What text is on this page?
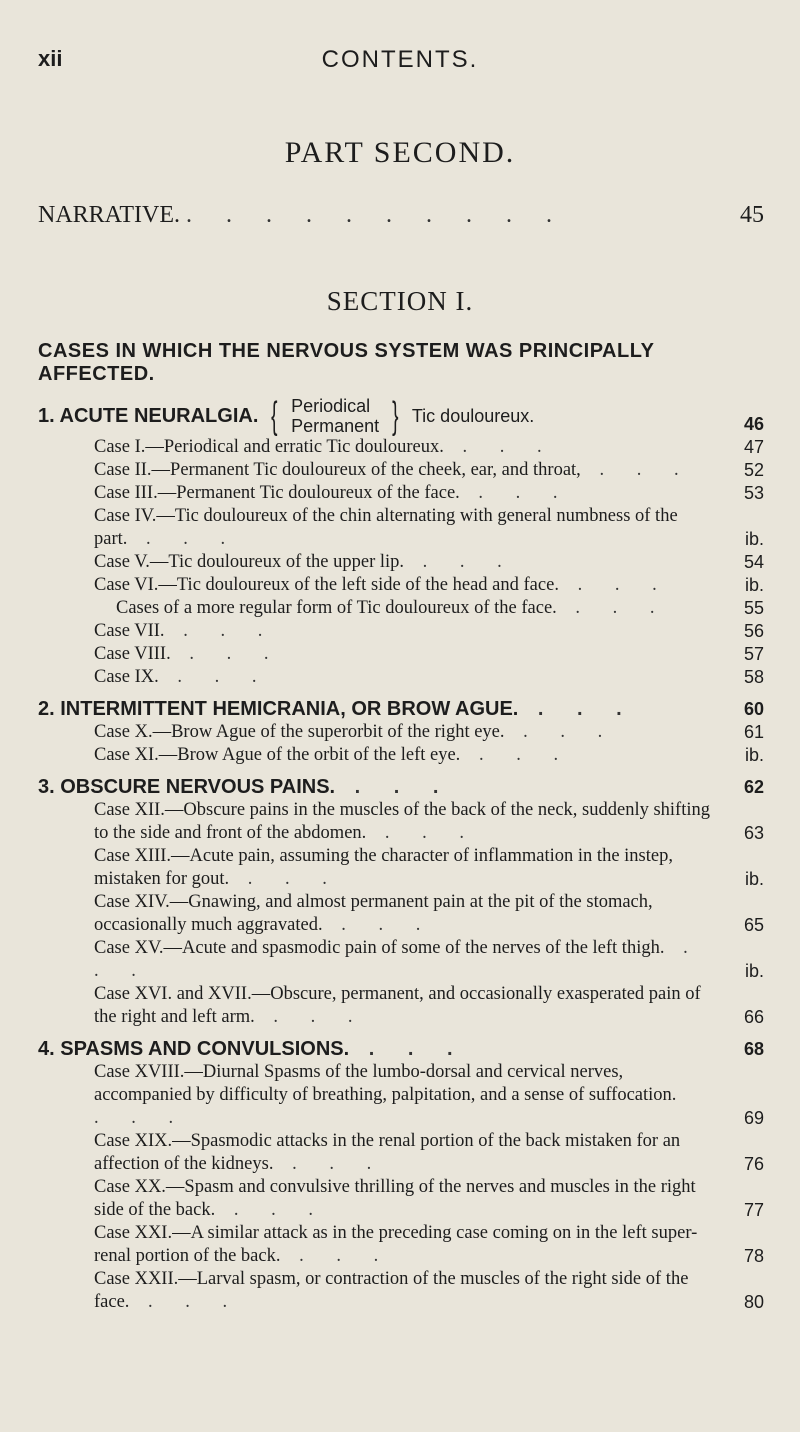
xii	CONTENTS.
PART SECOND.
NARRATIVE. . . . . . . . . . .	45
SECTION I.
CASES IN WHICH THE NERVOUS SYSTEM WAS PRINCIPALLY AFFECTED.
1. ACUTE NEURALGIA. { Periodical
Permanent } Tic douloureux.	46
Case I.—Periodical and erratic Tic douloureux. . . .	47
Case II.—Permanent Tic douloureux of the cheek, ear, and throat, . . .	52
Case III.—Permanent Tic douloureux of the face. . . .	53
Case IV.—Tic douloureux of the chin alternating with general numbness of the part. . . .	ib.
Case V.—Tic douloureux of the upper lip. . . .	54
Case VI.—Tic douloureux of the left side of the head and face. . . .	ib.
Cases of a more regular form of Tic douloureux of the face. . . .	55
Case VII. . . .	56
Case VIII. . . .	57
Case IX. . . .	58
2. INTERMITTENT HEMICRANIA, OR BROW AGUE. . . .	60
Case X.—Brow Ague of the superorbit of the right eye. . . .	61
Case XI.—Brow Ague of the orbit of the left eye. . . .	ib.
3. OBSCURE NERVOUS PAINS. . . .	62
Case XII.—Obscure pains in the muscles of the back of the neck, suddenly shifting to the side and front of the abdomen. . . .	63
Case XIII.—Acute pain, assuming the character of inflammation in the instep, mistaken for gout. . . .	ib.
Case XIV.—Gnawing, and almost permanent pain at the pit of the stomach, occasionally much aggravated. . . .	65
Case XV.—Acute and spasmodic pain of some of the nerves of the left thigh. . . .	ib.
Case XVI. and XVII.—Obscure, permanent, and occasionally exasperated pain of the right and left arm. . . .	66
4. SPASMS AND CONVULSIONS. . . .	68
Case XVIII.—Diurnal Spasms of the lumbo-dorsal and cervical nerves, accompanied by difficulty of breathing, palpitation, and a sense of suffocation. . . .	69
Case XIX.—Spasmodic attacks in the renal portion of the back mistaken for an affection of the kidneys. . . .	76
Case XX.—Spasm and convulsive thrilling of the nerves and muscles in the right side of the back. . . .	77
Case XXI.—A similar attack as in the preceding case coming on in the left super-renal portion of the back. . . .	78
Case XXII.—Larval spasm, or contraction of the muscles of the right side of the face. . . .	80
